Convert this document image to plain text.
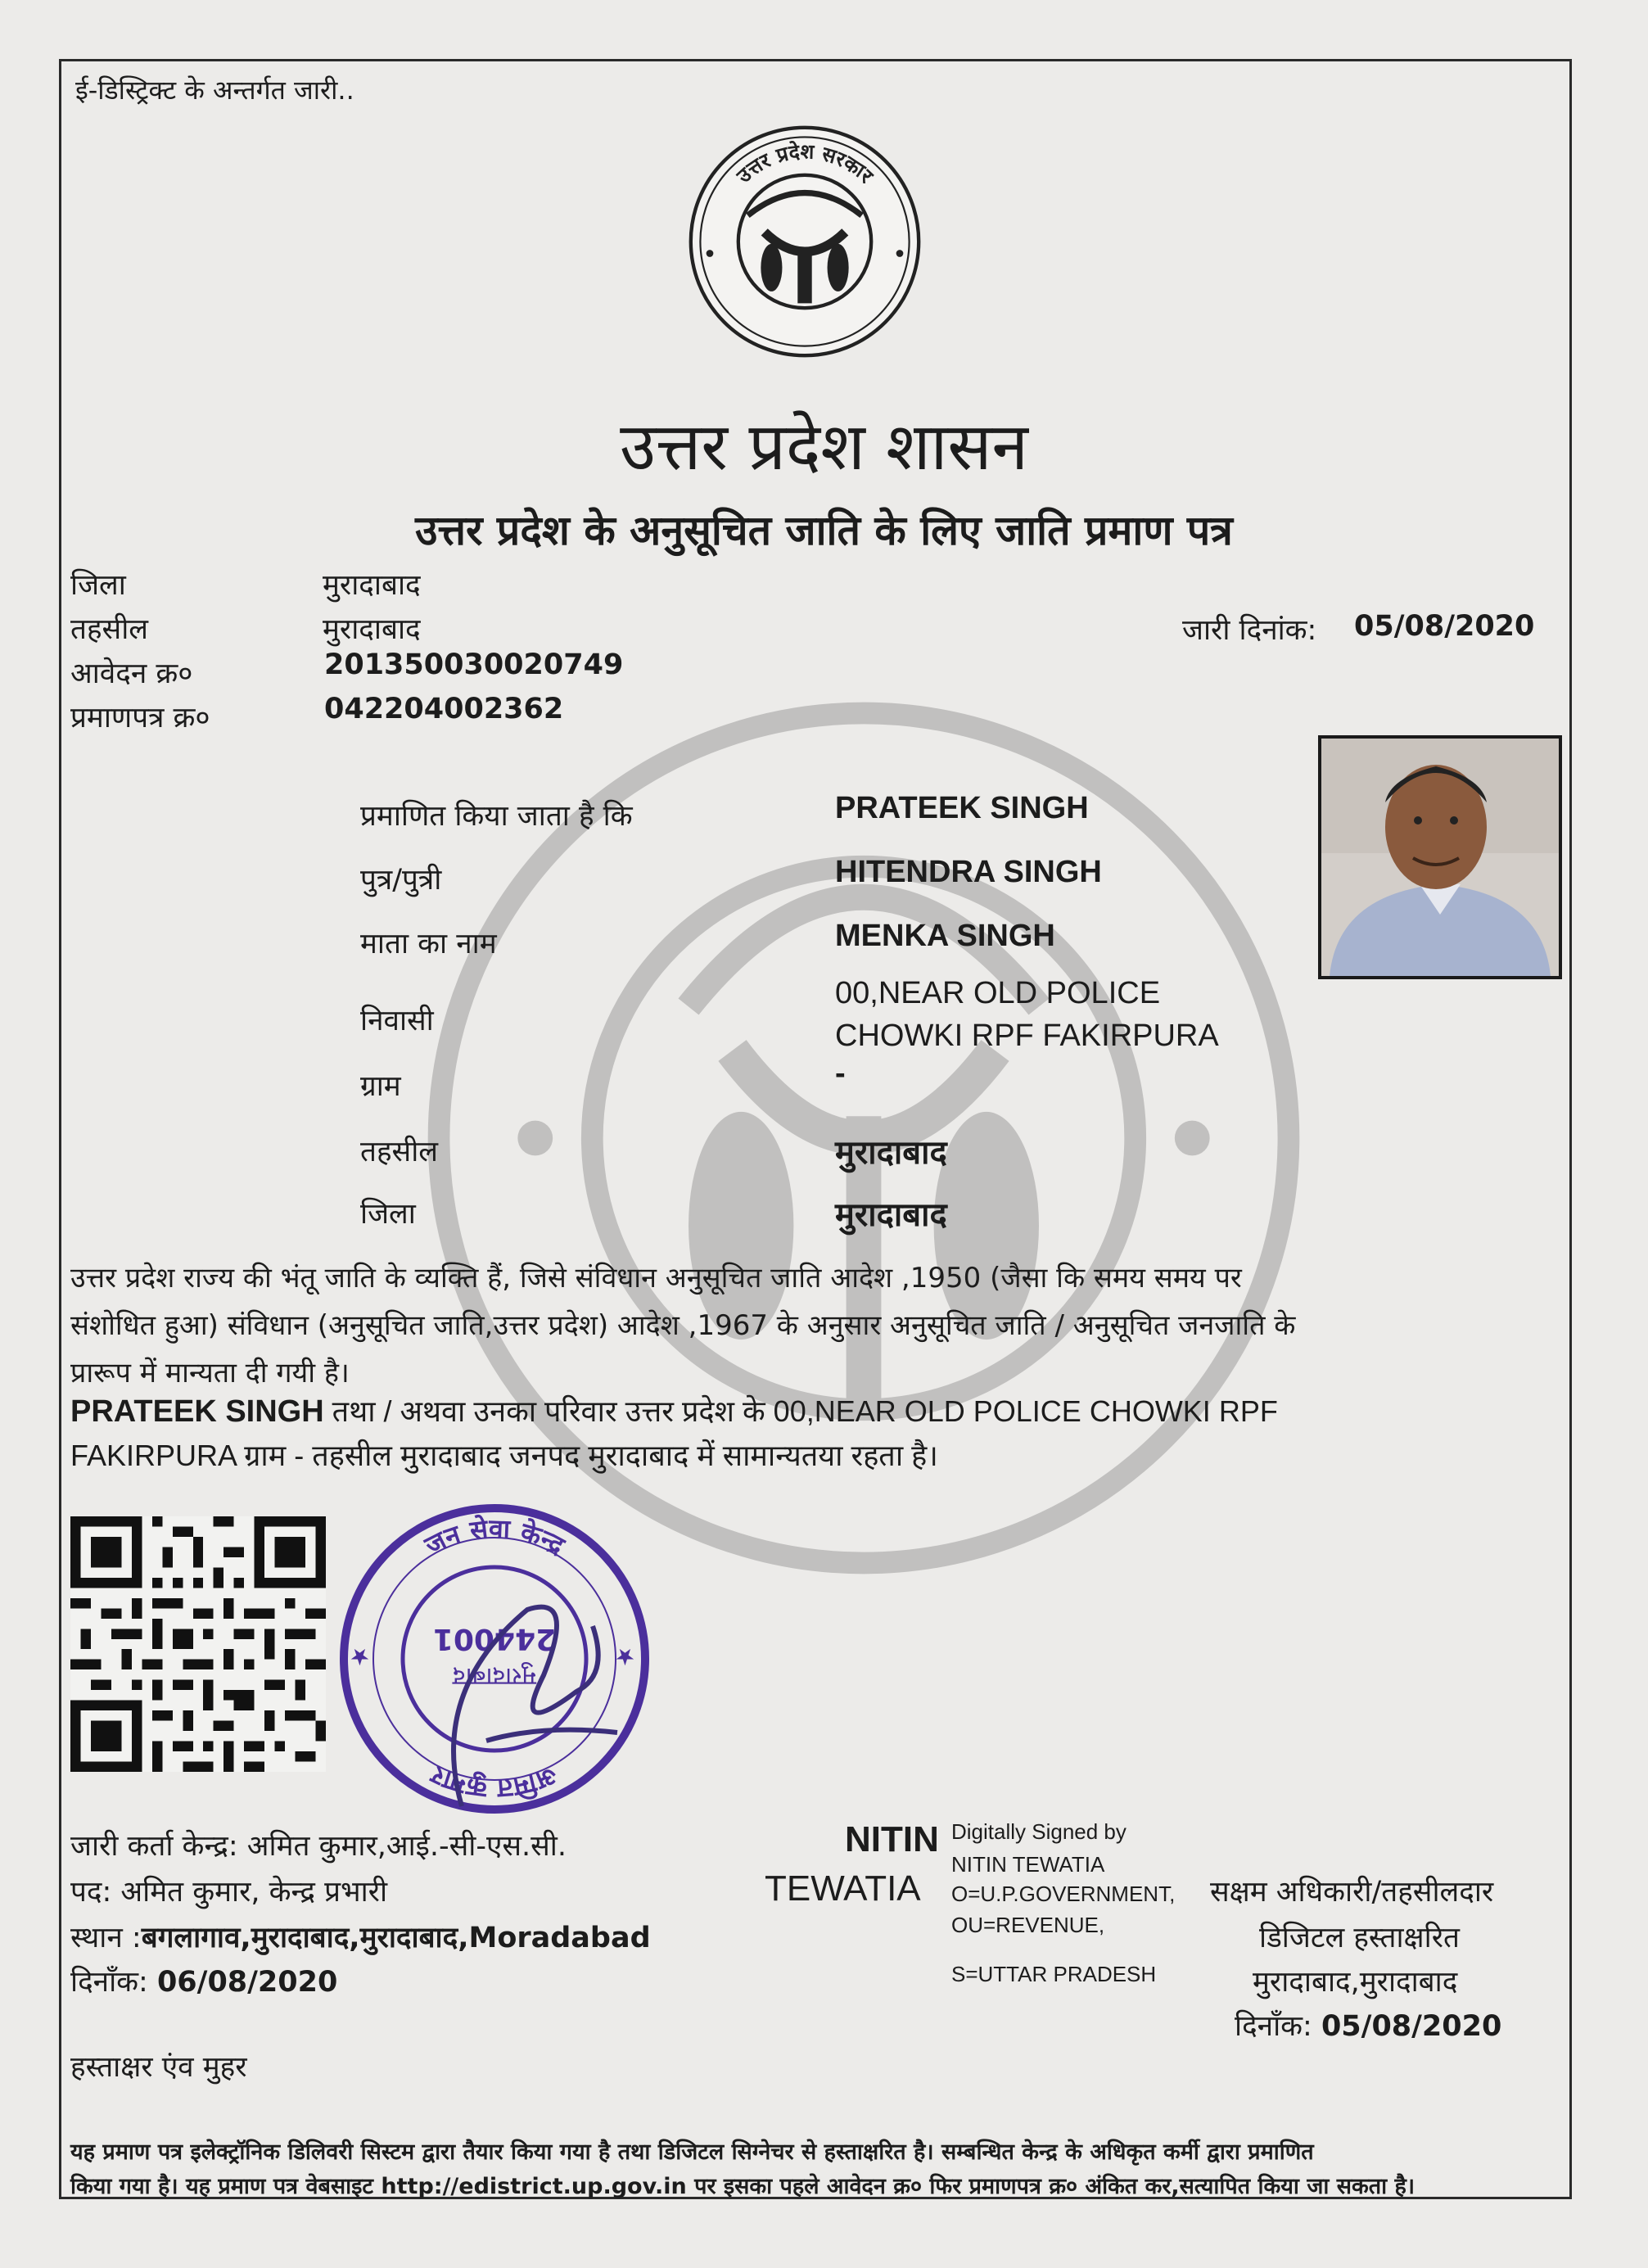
ई-डिस्ट्रिक्ट के अन्तर्गत जारी..
उत्तर प्रदेश सरकार
उत्तर प्रदेश शासन
उत्तर प्रदेश के अनुसूचित जाति के लिए जाति प्रमाण पत्र
जिला	मुरादाबाद
तहसील	मुरादाबाद
आवेदन क्र०	201350030020749
प्रमाणपत्र क्र०	042204002362
जारी दिनांक: 05/08/2020
प्रमाणित किया जाता है कि	PRATEEK SINGH
पुत्र/पुत्री	HITENDRA SINGH
माता का नाम	MENKA SINGH
निवासी
00,NEAR OLD POLICE
CHOWKI RPF FAKIRPURA
ग्राम	-
तहसील	मुरादाबाद
जिला	मुरादाबाद
उत्तर प्रदेश राज्य की भंतू जाति के व्यक्ति हैं, जिसे संविधान अनुसूचित जाति आदेश ,1950 (जैसा कि समय समय पर
संशोधित हुआ) संविधान (अनुसूचित जाति,उत्तर प्रदेश) आदेश ,1967 के अनुसार अनुसूचित जाति / अनुसूचित जनजाति के
प्रारूप में मान्यता दी गयी है।
PRATEEK SINGH तथा / अथवा उनका परिवार उत्तर प्रदेश के 00,NEAR OLD POLICE CHOWKI RPF
FAKIRPURA ग्राम - तहसील मुरादाबाद जनपद मुरादाबाद में सामान्यतया रहता है।
अमित कुमार
जन सेवा केन्द्र
मुरादाबाद
244001
★
★
जारी कर्ता केन्द्र: अमित कुमार,आई.-सी-एस.सी.
पद: अमित कुमार, केन्द्र प्रभारी
स्थान :बगलागाव,मुरादाबाद,मुरादाबाद,Moradabad
दिनाँक: 06/08/2020
हस्ताक्षर एंव मुहर
NITIN
TEWATIA
Digitally Signed by
NITIN TEWATIA
O=U.P.GOVERNMENT,
OU=REVENUE,
S=UTTAR PRADESH
सक्षम अधिकारी/तहसीलदार
डिजिटल हस्ताक्षरित
मुरादाबाद,मुरादाबाद
दिनाँक: 05/08/2020
यह प्रमाण पत्र इलेक्ट्रॉनिक डिलिवरी सिस्टम द्वारा तैयार किया गया है तथा डिजिटल सिग्नेचर से हस्ताक्षरित है। सम्बन्धित केन्द्र के अधिकृत कर्मी द्वारा प्रमाणित
किया गया है। यह प्रमाण पत्र वेबसाइट http://edistrict.up.gov.in पर इसका पहले आवेदन क्र० फिर प्रमाणपत्र क्र० अंकित कर,सत्यापित किया जा सकता है।
